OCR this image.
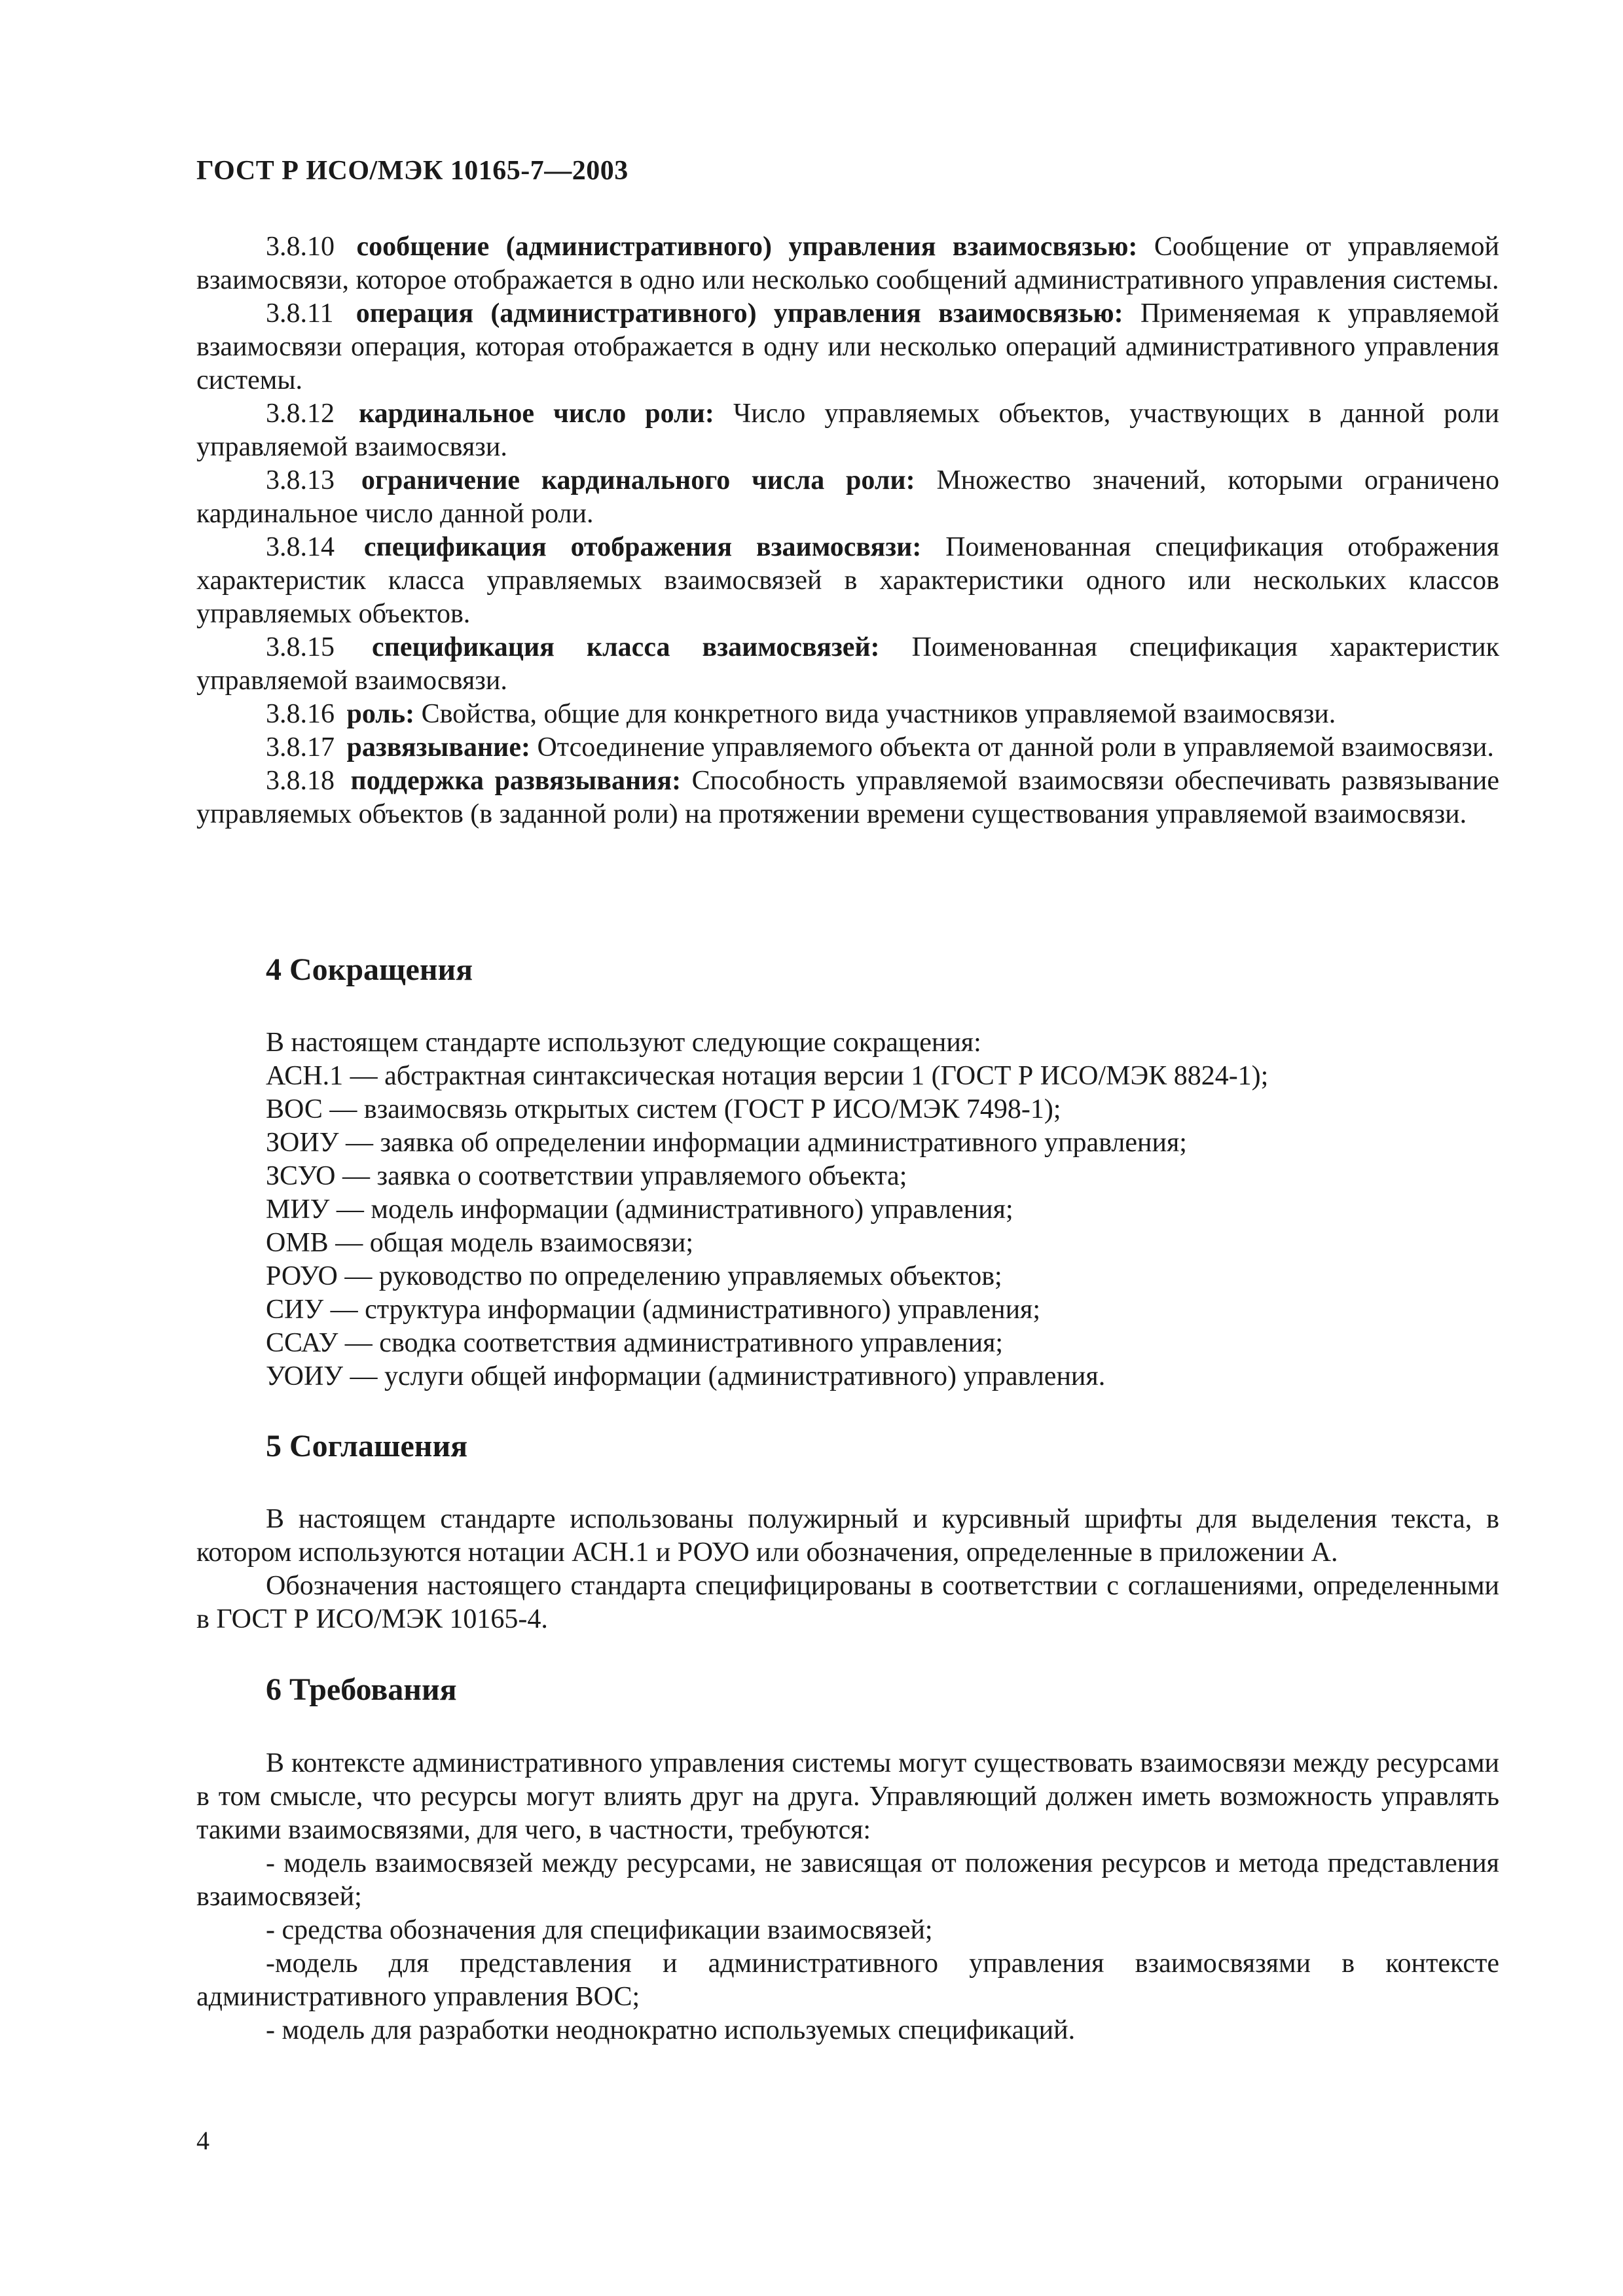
ГОСТ Р ИСО/МЭК 10165-7—2003

3.8.10 сообщение (административного) управления взаимосвязью: Сообщение от управляемой взаимосвязи, которое отображается в одно или несколько сообщений административного управления системы.

3.8.11 операция (административного) управления взаимосвязью: Применяемая к управляемой взаимосвязи операция, которая отображается в одну или несколько операций административного управления системы.

3.8.12 кардинальное число роли: Число управляемых объектов, участвующих в данной роли управляемой взаимосвязи.

3.8.13 ограничение кардинального числа роли: Множество значений, которыми ограничено кардинальное число данной роли.

3.8.14 спецификация отображения взаимосвязи: Поименованная спецификация отображения характеристик класса управляемых взаимосвязей в характеристики одного или нескольких классов управляемых объектов.

3.8.15 спецификация класса взаимосвязей: Поименованная спецификация характеристик управляемой взаимосвязи.

3.8.16 роль: Свойства, общие для конкретного вида участников управляемой взаимосвязи.

3.8.17 развязывание: Отсоединение управляемого объекта от данной роли в управляемой взаимосвязи.

3.8.18 поддержка развязывания: Способность управляемой взаимосвязи обеспечивать развязывание управляемых объектов (в заданной роли) на протяжении времени существования управляемой взаимосвязи.

4 Сокращения

В настоящем стандарте используют следующие сокращения:

АСН.1 — абстрактная синтаксическая нотация версии 1 (ГОСТ Р ИСО/МЭК 8824-1);

ВОС — взаимосвязь открытых систем (ГОСТ Р ИСО/МЭК 7498-1);

ЗОИУ — заявка об определении информации административного управления;

ЗСУО — заявка о соответствии управляемого объекта;

МИУ — модель информации (административного) управления;

ОМВ — общая модель взаимосвязи;

РОУО — руководство по определению управляемых объектов;

СИУ — структура информации (административного) управления;

ССАУ — сводка соответствия административного управления;

УОИУ — услуги общей информации (административного) управления.

5 Соглашения

В настоящем стандарте использованы полужирный и курсивный шрифты для выделения текста, в котором используются нотации АСН.1 и РОУО или обозначения, определенные в приложении А.

Обозначения настоящего стандарта специфицированы в соответствии с соглашениями, определенными в ГОСТ Р ИСО/МЭК 10165-4.

6 Требования

В контексте административного управления системы могут существовать взаимосвязи между ресурсами в том смысле, что ресурсы могут влиять друг на друга. Управляющий должен иметь возможность управлять такими взаимосвязями, для чего, в частности, требуются:

- модель взаимосвязей между ресурсами, не зависящая от положения ресурсов и метода представления взаимосвязей;

- средства обозначения для спецификации взаимосвязей;

-модель для представления и административного управления взаимосвязями в контексте административного управления ВОС;

- модель для разработки неоднократно используемых спецификаций.

4
